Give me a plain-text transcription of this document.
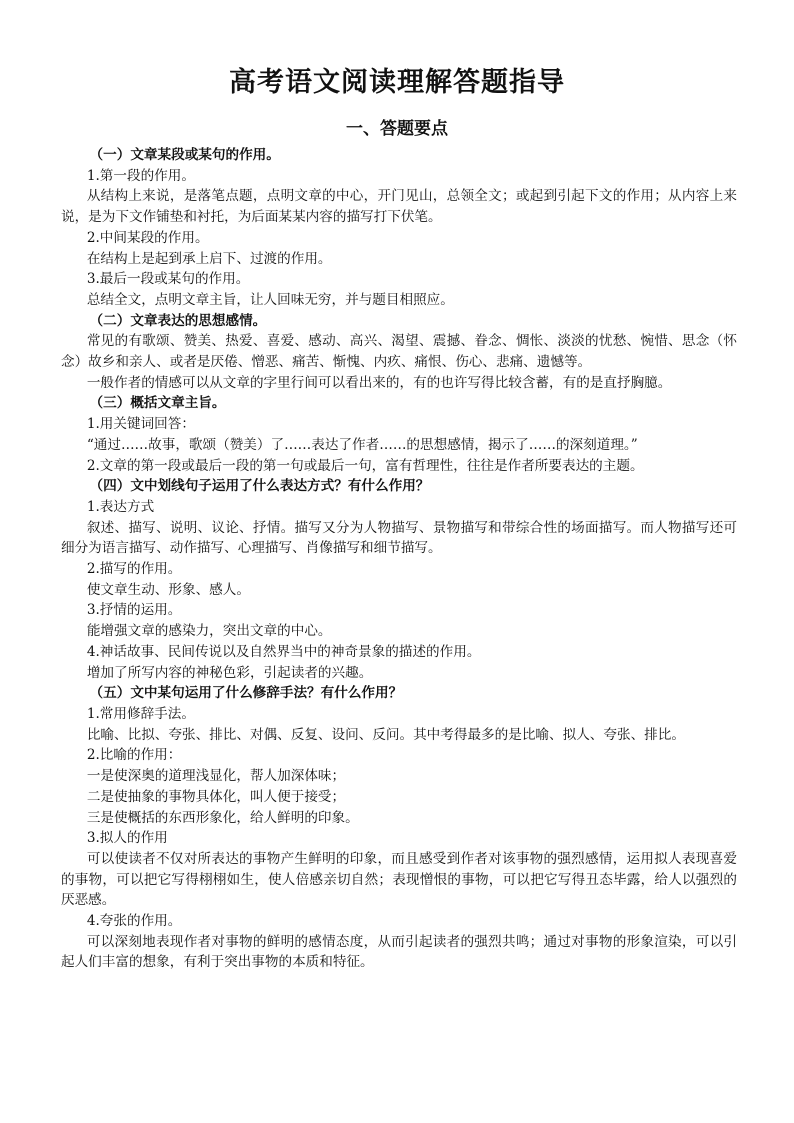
高考语文阅读理解答题指导
一、答题要点

（一）文章某段或某句的作用。

1.第一段的作用。

从结构上来说，是落笔点题，点明文章的中心，开门见山，总领全文；或起到引起下文的作用；从内容上来说，是为下文作铺垫和衬托，为后面某某内容的描写打下伏笔。

2.中间某段的作用。

在结构上是起到承上启下、过渡的作用。

3.最后一段或某句的作用。

总结全文，点明文章主旨，让人回味无穷，并与题目相照应。

（二）文章表达的思想感情。

常见的有歌颂、赞美、热爱、喜爱、感动、高兴、渴望、震撼、眷念、惆怅、淡淡的忧愁、惋惜、思念（怀念）故乡和亲人、或者是厌倦、憎恶、痛苦、惭愧、内疚、痛恨、伤心、悲痛、遗憾等。

一般作者的情感可以从文章的字里行间可以看出来的，有的也许写得比较含蓄，有的是直抒胸臆。

（三）概括文章主旨。

1.用关键词回答：

“通过……故事，歌颂（赞美）了……表达了作者……的思想感情，揭示了……的深刻道理。”

2.文章的第一段或最后一段的第一句或最后一句，富有哲理性，往往是作者所要表达的主题。

（四）文中划线句子运用了什么表达方式？有什么作用？

1.表达方式

叙述、描写、说明、议论、抒情。描写又分为人物描写、景物描写和带综合性的场面描写。而人物描写还可细分为语言描写、动作描写、心理描写、肖像描写和细节描写。

2.描写的作用。

使文章生动、形象、感人。

3.抒情的运用。

能增强文章的感染力，突出文章的中心。

4.神话故事、民间传说以及自然界当中的神奇景象的描述的作用。

增加了所写内容的神秘色彩，引起读者的兴趣。

（五）文中某句运用了什么修辞手法？有什么作用？

1.常用修辞手法。

比喻、比拟、夸张、排比、对偶、反复、设问、反问。其中考得最多的是比喻、拟人、夸张、排比。

2.比喻的作用：

一是使深奥的道理浅显化，帮人加深体味；

二是使抽象的事物具体化，叫人便于接受；

三是使概括的东西形象化，给人鲜明的印象。

3.拟人的作用

可以使读者不仅对所表达的事物产生鲜明的印象，而且感受到作者对该事物的强烈感情，运用拟人表现喜爱的事物，可以把它写得栩栩如生，使人倍感亲切自然；表现憎恨的事物，可以把它写得丑态毕露，给人以强烈的厌恶感。

4.夸张的作用。

可以深刻地表现作者对事物的鲜明的感情态度，从而引起读者的强烈共鸣；通过对事物的形象渲染，可以引起人们丰富的想象，有利于突出事物的本质和特征。
